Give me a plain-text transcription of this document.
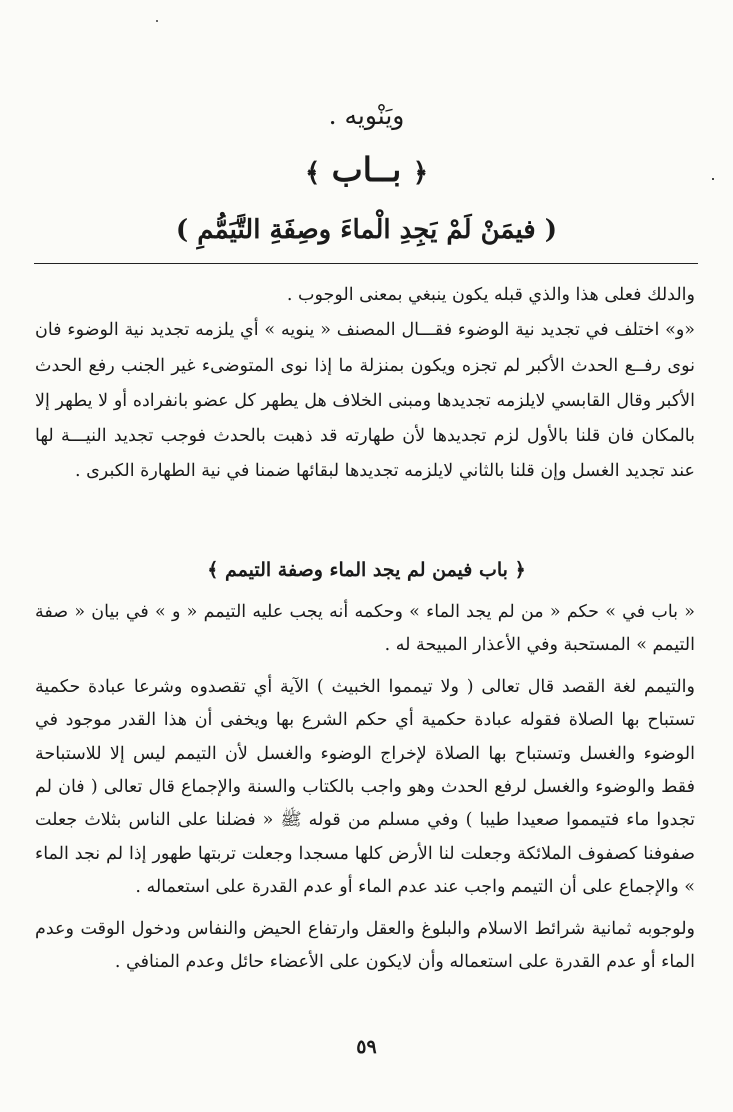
ويَنْويه .
﴿ بــاب ﴾
( فيمَنْ لَمْ يَجِدِ الْماءَ وصِفَةِ التَّيَمُّمِ )

والدلك فعلى هذا والذي قبله يكون ينبغي بمعنى الوجوب .

«و» اختلف في تجديد نية الوضوء فقـــال المصنف « ينويه » أي يلزمه تجديد نية الوضوء فان نوى رفــع الحدث الأكبر لم تجزه ويكون بمنزلة ما إذا نوى المتوضىء غير الجنب رفع الحدث الأكبر وقال القابسي لايلزمه تجديدها ومبنى الخلاف هل يطهر كل عضو بانفراده أو لا يطهر إلا بالمكان فان قلنا بالأول لزم تجديدها لأن طهارته قد ذهبت بالحدث فوجب تجديد النيـــة لها عند تجديد الغسل وإن قلنا بالثاني لايلزمه تجديدها لبقائها ضمنا في نية الطهارة الكبرى .

﴿ باب فيمن لم يجد الماء وصفة التيمم ﴾

« باب في » حكم « من لم يجد الماء » وحكمه أنه يجب عليه التيمم « و » في بيان « صفة التيمم » المستحبة وفي الأعذار المبيحة له .

والتيمم لغة القصد قال تعالى ( ولا تيمموا الخبيث ) الآية أي تقصدوه وشرعا عبادة حكمية تستباح بها الصلاة فقوله عبادة حكمية أي حكم الشرع بها ويخفى أن هذا القدر موجود في الوضوء والغسل وتستباح بها الصلاة لإخراج الوضوء والغسل لأن التيمم ليس إلا للاستباحة فقط والوضوء والغسل لرفع الحدث وهو واجب بالكتاب والسنة والإجماع قال تعالى ( فان لم تجدوا ماء فتيمموا صعيدا طيبا ) وفي مسلم من قوله ﷺ « فضلنا على الناس بثلاث جعلت صفوفنا كصفوف الملائكة وجعلت لنا الأرض كلها مسجدا وجعلت تربتها طهور إذا لم نجد الماء » والإجماع على أن التيمم واجب عند عدم الماء أو عدم القدرة على استعماله .

ولوجوبه ثمانية شرائط الاسلام والبلوغ والعقل وارتفاع الحيض والنفاس ودخول الوقت وعدم الماء أو عدم القدرة على استعماله وأن لايكون على الأعضاء حائل وعدم المنافي .

٥٩
